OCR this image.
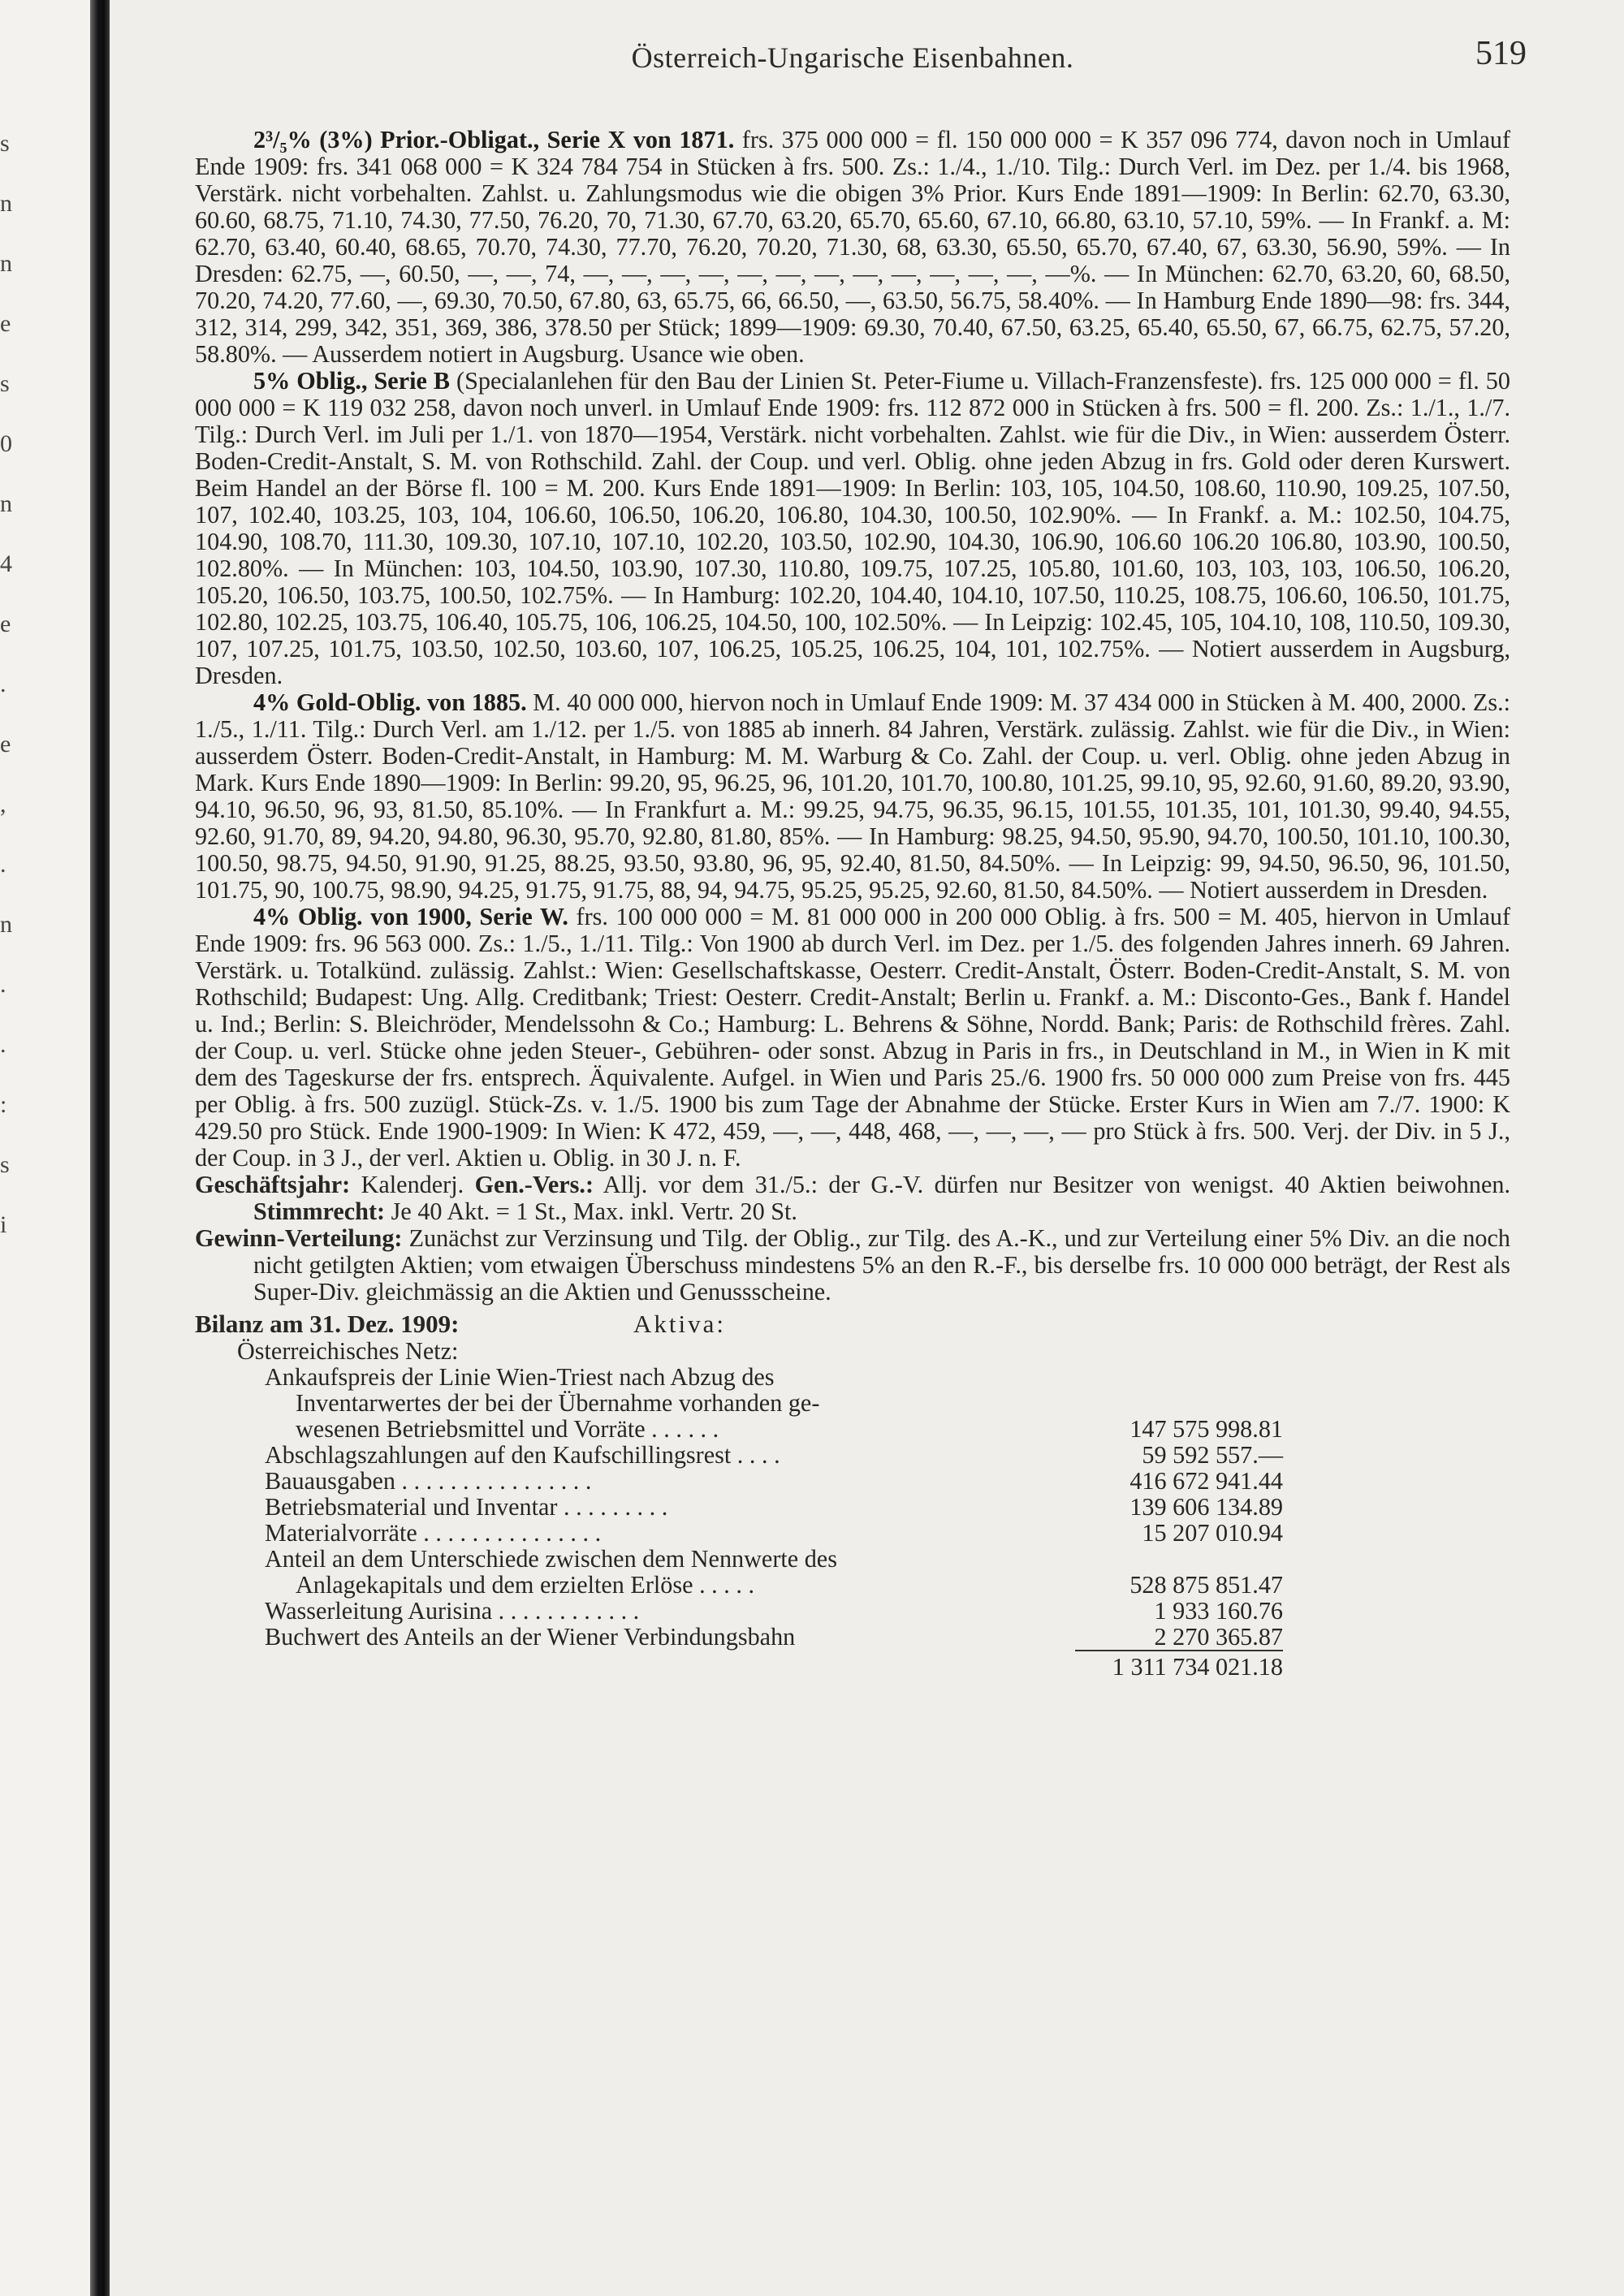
s
n
n
e
s
0
n
4
e
.
e
,
.
n
.
.
:
s
i
Österreich-Ungarische Eisenbahnen.	519

2³/₅% (3%) Prior.-Obligat., Serie X von 1871. frs. 375 000 000 = fl. 150 000 000 = K 357 096 774, davon noch in Umlauf Ende 1909: frs. 341 068 000 = K 324 784 754 in Stücken à frs. 500. Zs.: 1./4., 1./10. Tilg.: Durch Verl. im Dez. per 1./4. bis 1968, Verstärk. nicht vorbehalten. Zahlst. u. Zahlungsmodus wie die obigen 3% Prior. Kurs Ende 1891—1909: In Berlin: 62.70, 63.30, 60.60, 68.75, 71.10, 74.30, 77.50, 76.20, 70, 71.30, 67.70, 63.20, 65.70, 65.60, 67.10, 66.80, 63.10, 57.10, 59%. — In Frankf. a. M: 62.70, 63.40, 60.40, 68.65, 70.70, 74.30, 77.70, 76.20, 70.20, 71.30, 68, 63.30, 65.50, 65.70, 67.40, 67, 63.30, 56.90, 59%. — In Dresden: 62.75, —, 60.50, —, —, 74, —, —, —, —, —, —, —, —, —, —, —, —, —%. — In München: 62.70, 63.20, 60, 68.50, 70.20, 74.20, 77.60, —, 69.30, 70.50, 67.80, 63, 65.75, 66, 66.50, —, 63.50, 56.75, 58.40%. — In Hamburg Ende 1890—98: frs. 344, 312, 314, 299, 342, 351, 369, 386, 378.50 per Stück; 1899—1909: 69.30, 70.40, 67.50, 63.25, 65.40, 65.50, 67, 66.75, 62.75, 57.20, 58.80%. — Ausserdem notiert in Augsburg. Usance wie oben.

5% Oblig., Serie B (Specialanlehen für den Bau der Linien St. Peter-Fiume u. Villach-Franzensfeste). frs. 125 000 000 = fl. 50 000 000 = K 119 032 258, davon noch unverl. in Umlauf Ende 1909: frs. 112 872 000 in Stücken à frs. 500 = fl. 200. Zs.: 1./1., 1./7. Tilg.: Durch Verl. im Juli per 1./1. von 1870—1954, Verstärk. nicht vorbehalten. Zahlst. wie für die Div., in Wien: ausserdem Österr. Boden-Credit-Anstalt, S. M. von Rothschild. Zahl. der Coup. und verl. Oblig. ohne jeden Abzug in frs. Gold oder deren Kurswert. Beim Handel an der Börse fl. 100 = M. 200. Kurs Ende 1891—1909: In Berlin: 103, 105, 104.50, 108.60, 110.90, 109.25, 107.50, 107, 102.40, 103.25, 103, 104, 106.60, 106.50, 106.20, 106.80, 104.30, 100.50, 102.90%. — In Frankf. a. M.: 102.50, 104.75, 104.90, 108.70, 111.30, 109.30, 107.10, 107.10, 102.20, 103.50, 102.90, 104.30, 106.90, 106.60 106.20 106.80, 103.90, 100.50, 102.80%. — In München: 103, 104.50, 103.90, 107.30, 110.80, 109.75, 107.25, 105.80, 101.60, 103, 103, 103, 106.50, 106.20, 105.20, 106.50, 103.75, 100.50, 102.75%. — In Hamburg: 102.20, 104.40, 104.10, 107.50, 110.25, 108.75, 106.60, 106.50, 101.75, 102.80, 102.25, 103.75, 106.40, 105.75, 106, 106.25, 104.50, 100, 102.50%. — In Leipzig: 102.45, 105, 104.10, 108, 110.50, 109.30, 107, 107.25, 101.75, 103.50, 102.50, 103.60, 107, 106.25, 105.25, 106.25, 104, 101, 102.75%. — Notiert ausserdem in Augsburg, Dresden.

4% Gold-Oblig. von 1885. M. 40 000 000, hiervon noch in Umlauf Ende 1909: M. 37 434 000 in Stücken à M. 400, 2000. Zs.: 1./5., 1./11. Tilg.: Durch Verl. am 1./12. per 1./5. von 1885 ab innerh. 84 Jahren, Verstärk. zulässig. Zahlst. wie für die Div., in Wien: ausserdem Österr. Boden-Credit-Anstalt, in Hamburg: M. M. Warburg & Co. Zahl. der Coup. u. verl. Oblig. ohne jeden Abzug in Mark. Kurs Ende 1890—1909: In Berlin: 99.20, 95, 96.25, 96, 101.20, 101.70, 100.80, 101.25, 99.10, 95, 92.60, 91.60, 89.20, 93.90, 94.10, 96.50, 96, 93, 81.50, 85.10%. — In Frankfurt a. M.: 99.25, 94.75, 96.35, 96.15, 101.55, 101.35, 101, 101.30, 99.40, 94.55, 92.60, 91.70, 89, 94.20, 94.80, 96.30, 95.70, 92.80, 81.80, 85%. — In Hamburg: 98.25, 94.50, 95.90, 94.70, 100.50, 101.10, 100.30, 100.50, 98.75, 94.50, 91.90, 91.25, 88.25, 93.50, 93.80, 96, 95, 92.40, 81.50, 84.50%. — In Leipzig: 99, 94.50, 96.50, 96, 101.50, 101.75, 90, 100.75, 98.90, 94.25, 91.75, 91.75, 88, 94, 94.75, 95.25, 95.25, 92.60, 81.50, 84.50%. — Notiert ausserdem in Dresden.

4% Oblig. von 1900, Serie W. frs. 100 000 000 = M. 81 000 000 in 200 000 Oblig. à frs. 500 = M. 405, hiervon in Umlauf Ende 1909: frs. 96 563 000. Zs.: 1./5., 1./11. Tilg.: Von 1900 ab durch Verl. im Dez. per 1./5. des folgenden Jahres innerh. 69 Jahren. Verstärk. u. Totalkünd. zulässig. Zahlst.: Wien: Gesellschaftskasse, Oesterr. Credit-Anstalt, Österr. Boden-Credit-Anstalt, S. M. von Rothschild; Budapest: Ung. Allg. Creditbank; Triest: Oesterr. Credit-Anstalt; Berlin u. Frankf. a. M.: Disconto-Ges., Bank f. Handel u. Ind.; Berlin: S. Bleichröder, Mendelssohn & Co.; Hamburg: L. Behrens & Söhne, Nordd. Bank; Paris: de Rothschild frères. Zahl. der Coup. u. verl. Stücke ohne jeden Steuer-, Gebühren- oder sonst. Abzug in Paris in frs., in Deutschland in M., in Wien in K mit dem des Tageskurse der frs. entsprech. Äquivalente. Aufgel. in Wien und Paris 25./6. 1900 frs. 50 000 000 zum Preise von frs. 445 per Oblig. à frs. 500 zuzügl. Stück-Zs. v. 1./5. 1900 bis zum Tage der Abnahme der Stücke. Erster Kurs in Wien am 7./7. 1900: K 429.50 pro Stück. Ende 1900-1909: In Wien: K 472, 459, —, —, 448, 468, —, —, —, — pro Stück à frs. 500. Verj. der Div. in 5 J., der Coup. in 3 J., der verl. Aktien u. Oblig. in 30 J. n. F.

Geschäftsjahr: Kalenderj. Gen.-Vers.: Allj. vor dem 31./5.: der G.-V. dürfen nur Besitzer von wenigst. 40 Aktien beiwohnen. Stimmrecht: Je 40 Akt. = 1 St., Max. inkl. Vertr. 20 St.

Gewinn-Verteilung: Zunächst zur Verzinsung und Tilg. der Oblig., zur Tilg. des A.-K., und zur Verteilung einer 5% Div. an die noch nicht getilgten Aktien; vom etwaigen Überschuss mindestens 5% an den R.-F., bis derselbe frs. 10 000 000 beträgt, der Rest als Super-Div. gleichmässig an die Aktien und Genussscheine.

Bilanz am 31. Dez. 1909:	Aktiva:

Österreichisches Netz:

Ankaufspreis der Linie Wien-Triest nach Abzug des
Inventarwertes der bei der Übernahme vorhanden ge-
wesenen Betriebsmittel und Vorräte . . . . . .	147 575 998.81
Abschlagszahlungen auf den Kaufschillingsrest . . . .	59 592 557.—
Bauausgaben . . . . . . . . . . . . . . . .	416 672 941.44
Betriebsmaterial und Inventar . . . . . . . . .	139 606 134.89
Materialvorräte . . . . . . . . . . . . . . .	15 207 010.94
Anteil an dem Unterschiede zwischen dem Nennwerte des
Anlagekapitals und dem erzielten Erlöse . . . . .	528 875 851.47
Wasserleitung Aurisina . . . . . . . . . . . .	1 933 160.76
Buchwert des Anteils an der Wiener Verbindungsbahn	2 270 365.87
1 311 734 021.18
